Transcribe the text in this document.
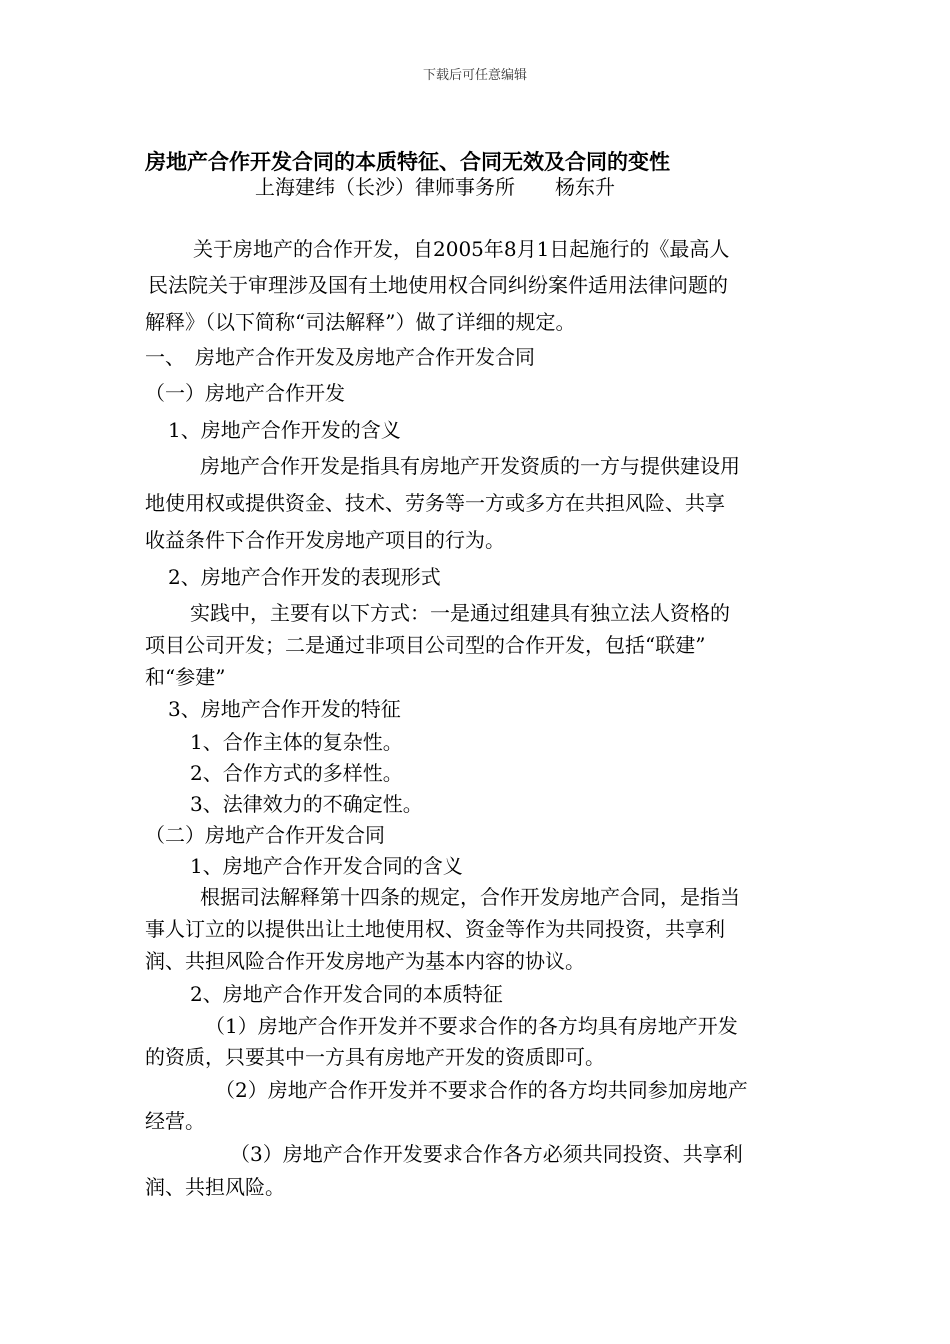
下载后可任意编辑
房地产合作开发合同的本质特征、合同无效及合同的变性
上海建纬（长沙）律师事务所　　杨东升
关于房地产的合作开发，自2005年8月1日起施行的《最高人
民法院关于审理涉及国有土地使用权合同纠纷案件适用法律问题的
解释》（以下简称“司法解释”）做了详细的规定。
一、　房地产合作开发及房地产合作开发合同
（一）房地产合作开发
1、房地产合作开发的含义
房地产合作开发是指具有房地产开发资质的一方与提供建设用
地使用权或提供资金、技术、劳务等一方或多方在共担风险、共享
收益条件下合作开发房地产项目的行为。
2、房地产合作开发的表现形式
实践中，主要有以下方式：一是通过组建具有独立法人资格的
项目公司开发；二是通过非项目公司型的合作开发，包括“联建”
和“参建”
3、房地产合作开发的特征
1、合作主体的复杂性。
2、合作方式的多样性。
3、法律效力的不确定性。
（二）房地产合作开发合同
1、房地产合作开发合同的含义
根据司法解释第十四条的规定，合作开发房地产合同，是指当
事人订立的以提供出让土地使用权、资金等作为共同投资，共享利
润、共担风险合作开发房地产为基本内容的协议。
2、房地产合作开发合同的本质特征
（1）房地产合作开发并不要求合作的各方均具有房地产开发
的资质，只要其中一方具有房地产开发的资质即可。
（2）房地产合作开发并不要求合作的各方均共同参加房地产
经营。
（3）房地产合作开发要求合作各方必须共同投资、共享利
润、共担风险。
